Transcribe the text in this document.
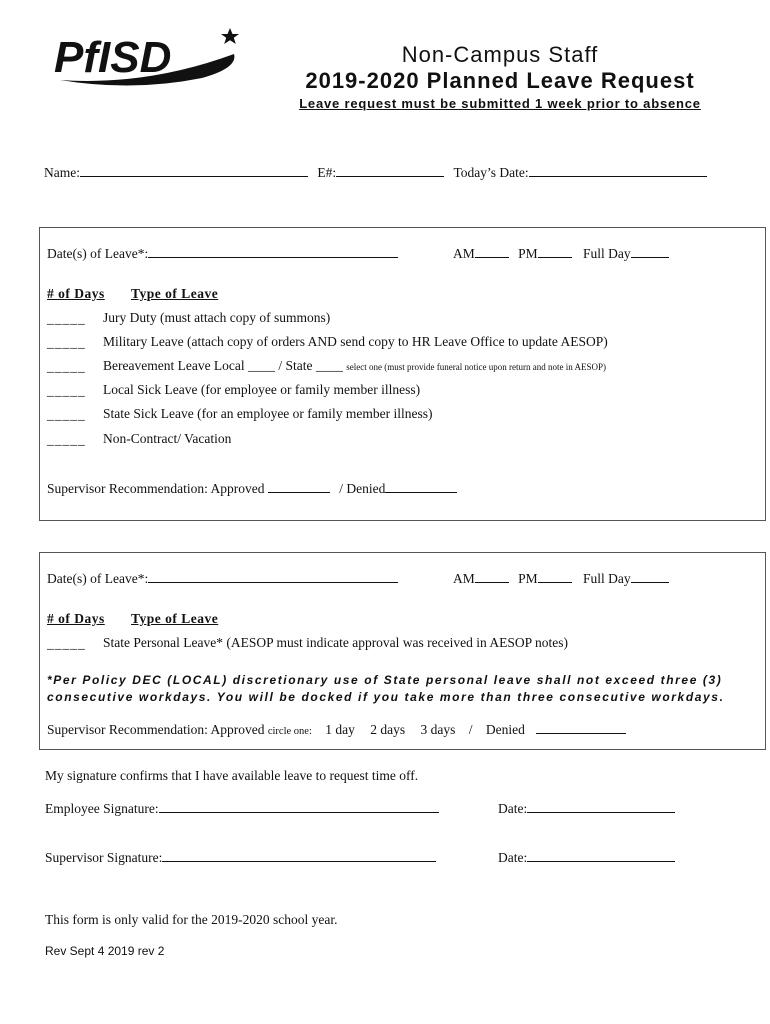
PfISD	Non-Campus Staff
2019-2020 Planned Leave Request
Leave request must be submitted 1 week prior to absence
Name:	E#:	Today’s Date:
Date(s) of Leave*:	AM	PM	Full Day
# of Days Type of Leave
_____ Jury Duty (must attach copy of summons)
_____ Military Leave (attach copy of orders AND send copy to HR Leave Office to update AESOP)
_____ Bereavement Leave Local ____ / State ____ select one (must provide funeral notice upon return and note in AESOP)
_____ Local Sick Leave (for employee or family member illness)
_____ State Sick Leave (for an employee or family member illness)
_____ Non-Contract/ Vacation
Supervisor Recommendation: Approved	/ Denied
Date(s) of Leave*:	AM	PM	Full Day
# of Days Type of Leave
_____ State Personal Leave* (AESOP must indicate approval was received in AESOP notes)
*Per Policy DEC (LOCAL) discretionary use of State personal leave shall not exceed three (3) consecutive workdays. You will be docked if you take more than three consecutive workdays.
Supervisor Recommendation: Approved circle one: 1 day 2 days 3 days / Denied
My signature confirms that I have available leave to request time off.
Employee Signature:	Date:
Supervisor Signature:	Date:
This form is only valid for the 2019-2020 school year.
Rev Sept 4 2019 rev 2
